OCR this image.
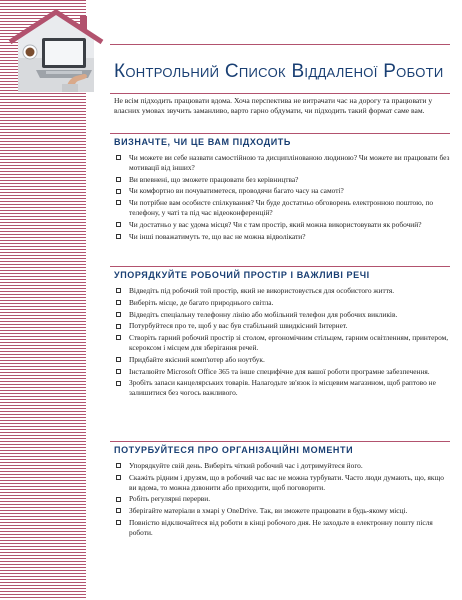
Контрольний Список Віддаленої Роботи
Не всім підходить працювати вдома. Хоча перспектива не витрачати час на дорогу та працювати у власних умовах звучить заманливо, варто гарно обдумати, чи підходить такий формат саме вам.
ВИЗНАЧТЕ, ЧИ ЦЕ ВАМ ПІДХОДИТЬ
Чи можете ви себе назвати самостійною та дисциплінованою людиною? Чи можете ви працювати без мотивації від інших?
Ви впевнені, що зможете працювати без керівництва?
Чи комфортно ви почуватиметеся, проводячи багато часу на самоті?
Чи потрібне вам особисте спілкування? Чи буде достатньо обговорень електронною поштою, по телефону, у чаті та під час відеоконференцій?
Чи достатньо у вас удома місця? Чи є там простір, який можна використовувати як робочий?
Чи інші поважатимуть те, що вас не можна відволікати?
УПОРЯДКУЙТЕ РОБОЧИЙ ПРОСТІР І ВАЖЛИВІ РЕЧІ
Відведіть під робочий той простір, який не використовується для особистого життя.
Виберіть місце, де багато природнього світла.
Відведіть спеціальну телефонну лінію або мобільний телефон для робочих викликів.
Потурбуйтеся про те, щоб у вас був стабільний швидкісний Інтернет.
Створіть гарний робочий простір зі столом, ергономічним стільцем, гарним освітленням, принтером, ксероксом і місцем для зберігання речей.
Придбайте якісний комп'ютер або ноутбук.
Інсталюйте Microsoft Office 365 та інше специфічне для вашої роботи програмне забезпечення.
Зробіть запаси канцелярських товарів. Налагодьте зв'язок із місцевим магазином, щоб раптово не залишитися без чогось важливого.
ПОТУРБУЙТЕСЯ ПРО ОРГАНІЗАЦІЙНІ МОМЕНТИ
Упорядкуйте свій день. Виберіть чіткий робочий час і дотримуйтеся його.
Скажіть рідним і друзям, що в робочий час вас не можна турбувати. Часто люди думають, що, якщо ви вдома, то можна дзвонити або приходити, щоб поговорити.
Робіть регулярні перерви.
Зберігайте матеріали в хмарі у OneDrive. Так, ви зможете працювати в будь-якому місці.
Повністю відключайтеся від роботи в кінці робочого дня. Не заходьте в електронну пошту після роботи.
